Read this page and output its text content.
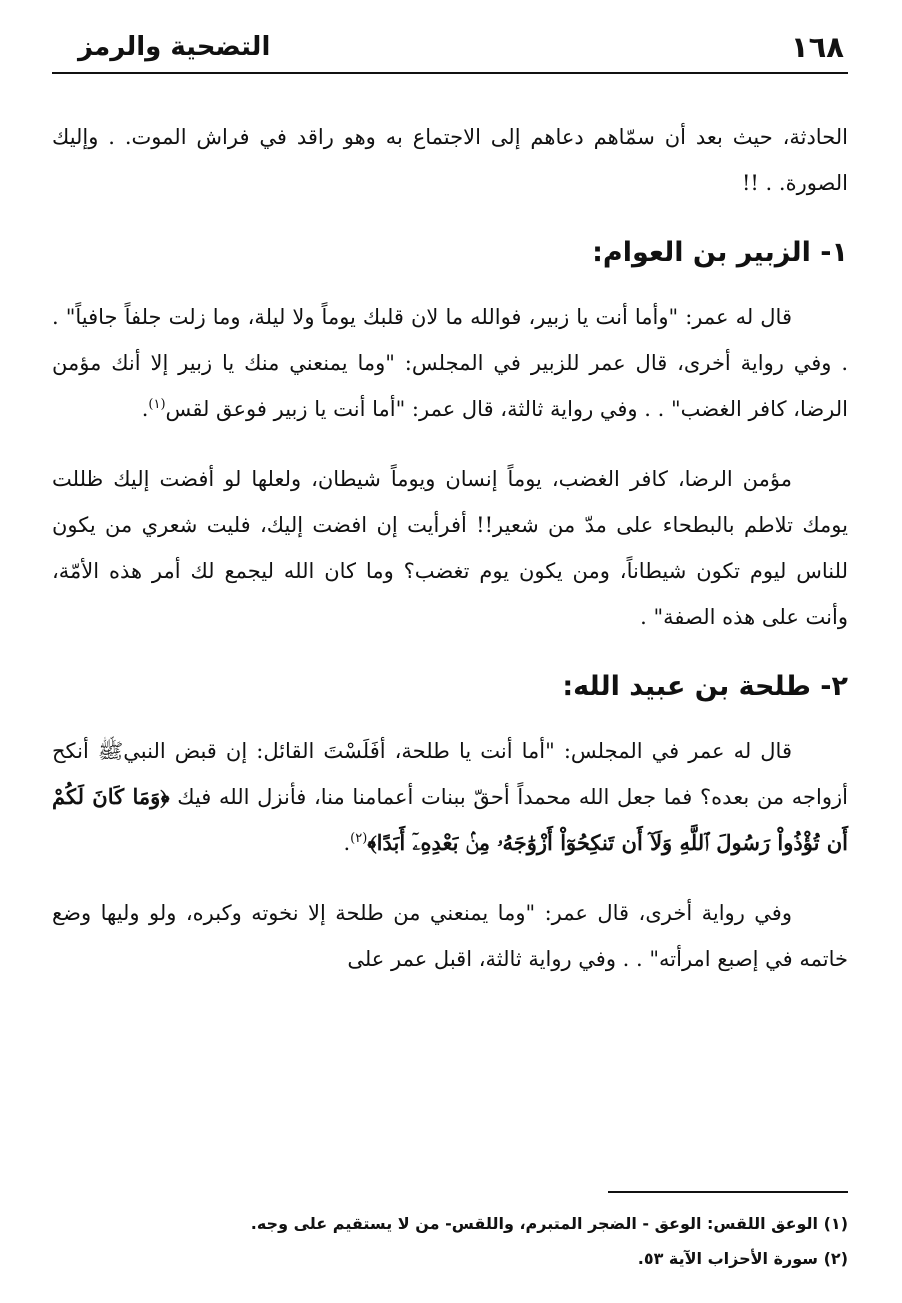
١٦٨
التضحية والرمز

الحادثة، حيث بعد أن سمّاهم دعاهم إلى الاجتماع به وهو راقد في فراش الموت. . وإليك الصورة. . !!

١- الزبير بن العوام:

قال له عمر: "وأما أنت يا زبير، فوالله ما لان قلبك يوماً ولا ليلة، وما زلت جلفاً جافياً" . . وفي رواية أخرى، قال عمر للزبير في المجلس: "وما يمنعني منك يا زبير إلا أنك مؤمن الرضا، كافر الغضب" . . وفي رواية ثالثة، قال عمر: "أما أنت يا زبير فوعق لقس$^{(١)}$.

مؤمن الرضا، كافر الغضب، يوماً إنسان ويوماً شيطان، ولعلها لو أفضت إليك ظللت يومك تلاطم بالبطحاء على مدّ من شعير!! أفرأيت إن افضت إليك، فليت شعري من يكون للناس ليوم تكون شيطاناً، ومن يكون يوم تغضب؟ وما كان الله ليجمع لك أمر هذه الأمّة، وأنت على هذه الصفة" .

٢- طلحة بن عبيد الله:

قال له عمر في المجلس: "أما أنت يا طلحة، أفَلَسْتَ القائل: إن قبض النبيﷺ أنكح أزواجه من بعده؟ فما جعل الله محمداً أحقّ ببنات أعمامنا منا، فأنزل الله فيك ﴿وَمَا كَانَ لَكُمْ أَن تُؤْذُواْ رَسُولَ ٱللَّهِ وَلَآ أَن تَنكِحُوٓاْ أَزْوَٰجَهُۥ مِنۢ بَعْدِهِۦٓ أَبَدًا﴾$^{(٢)}$.

وفي رواية أخرى، قال عمر: "وما يمنعني من طلحة إلا نخوته وكبره، ولو وليها وضع خاتمه في إصبع امرأته" . . وفي رواية ثالثة، اقبل عمر على

(١) الوعق اللقس: الوعق - الضجر المتبرم، واللقس- من لا يستقيم على وجه.

(٢) سورة الأحزاب الآية ٥٣.
